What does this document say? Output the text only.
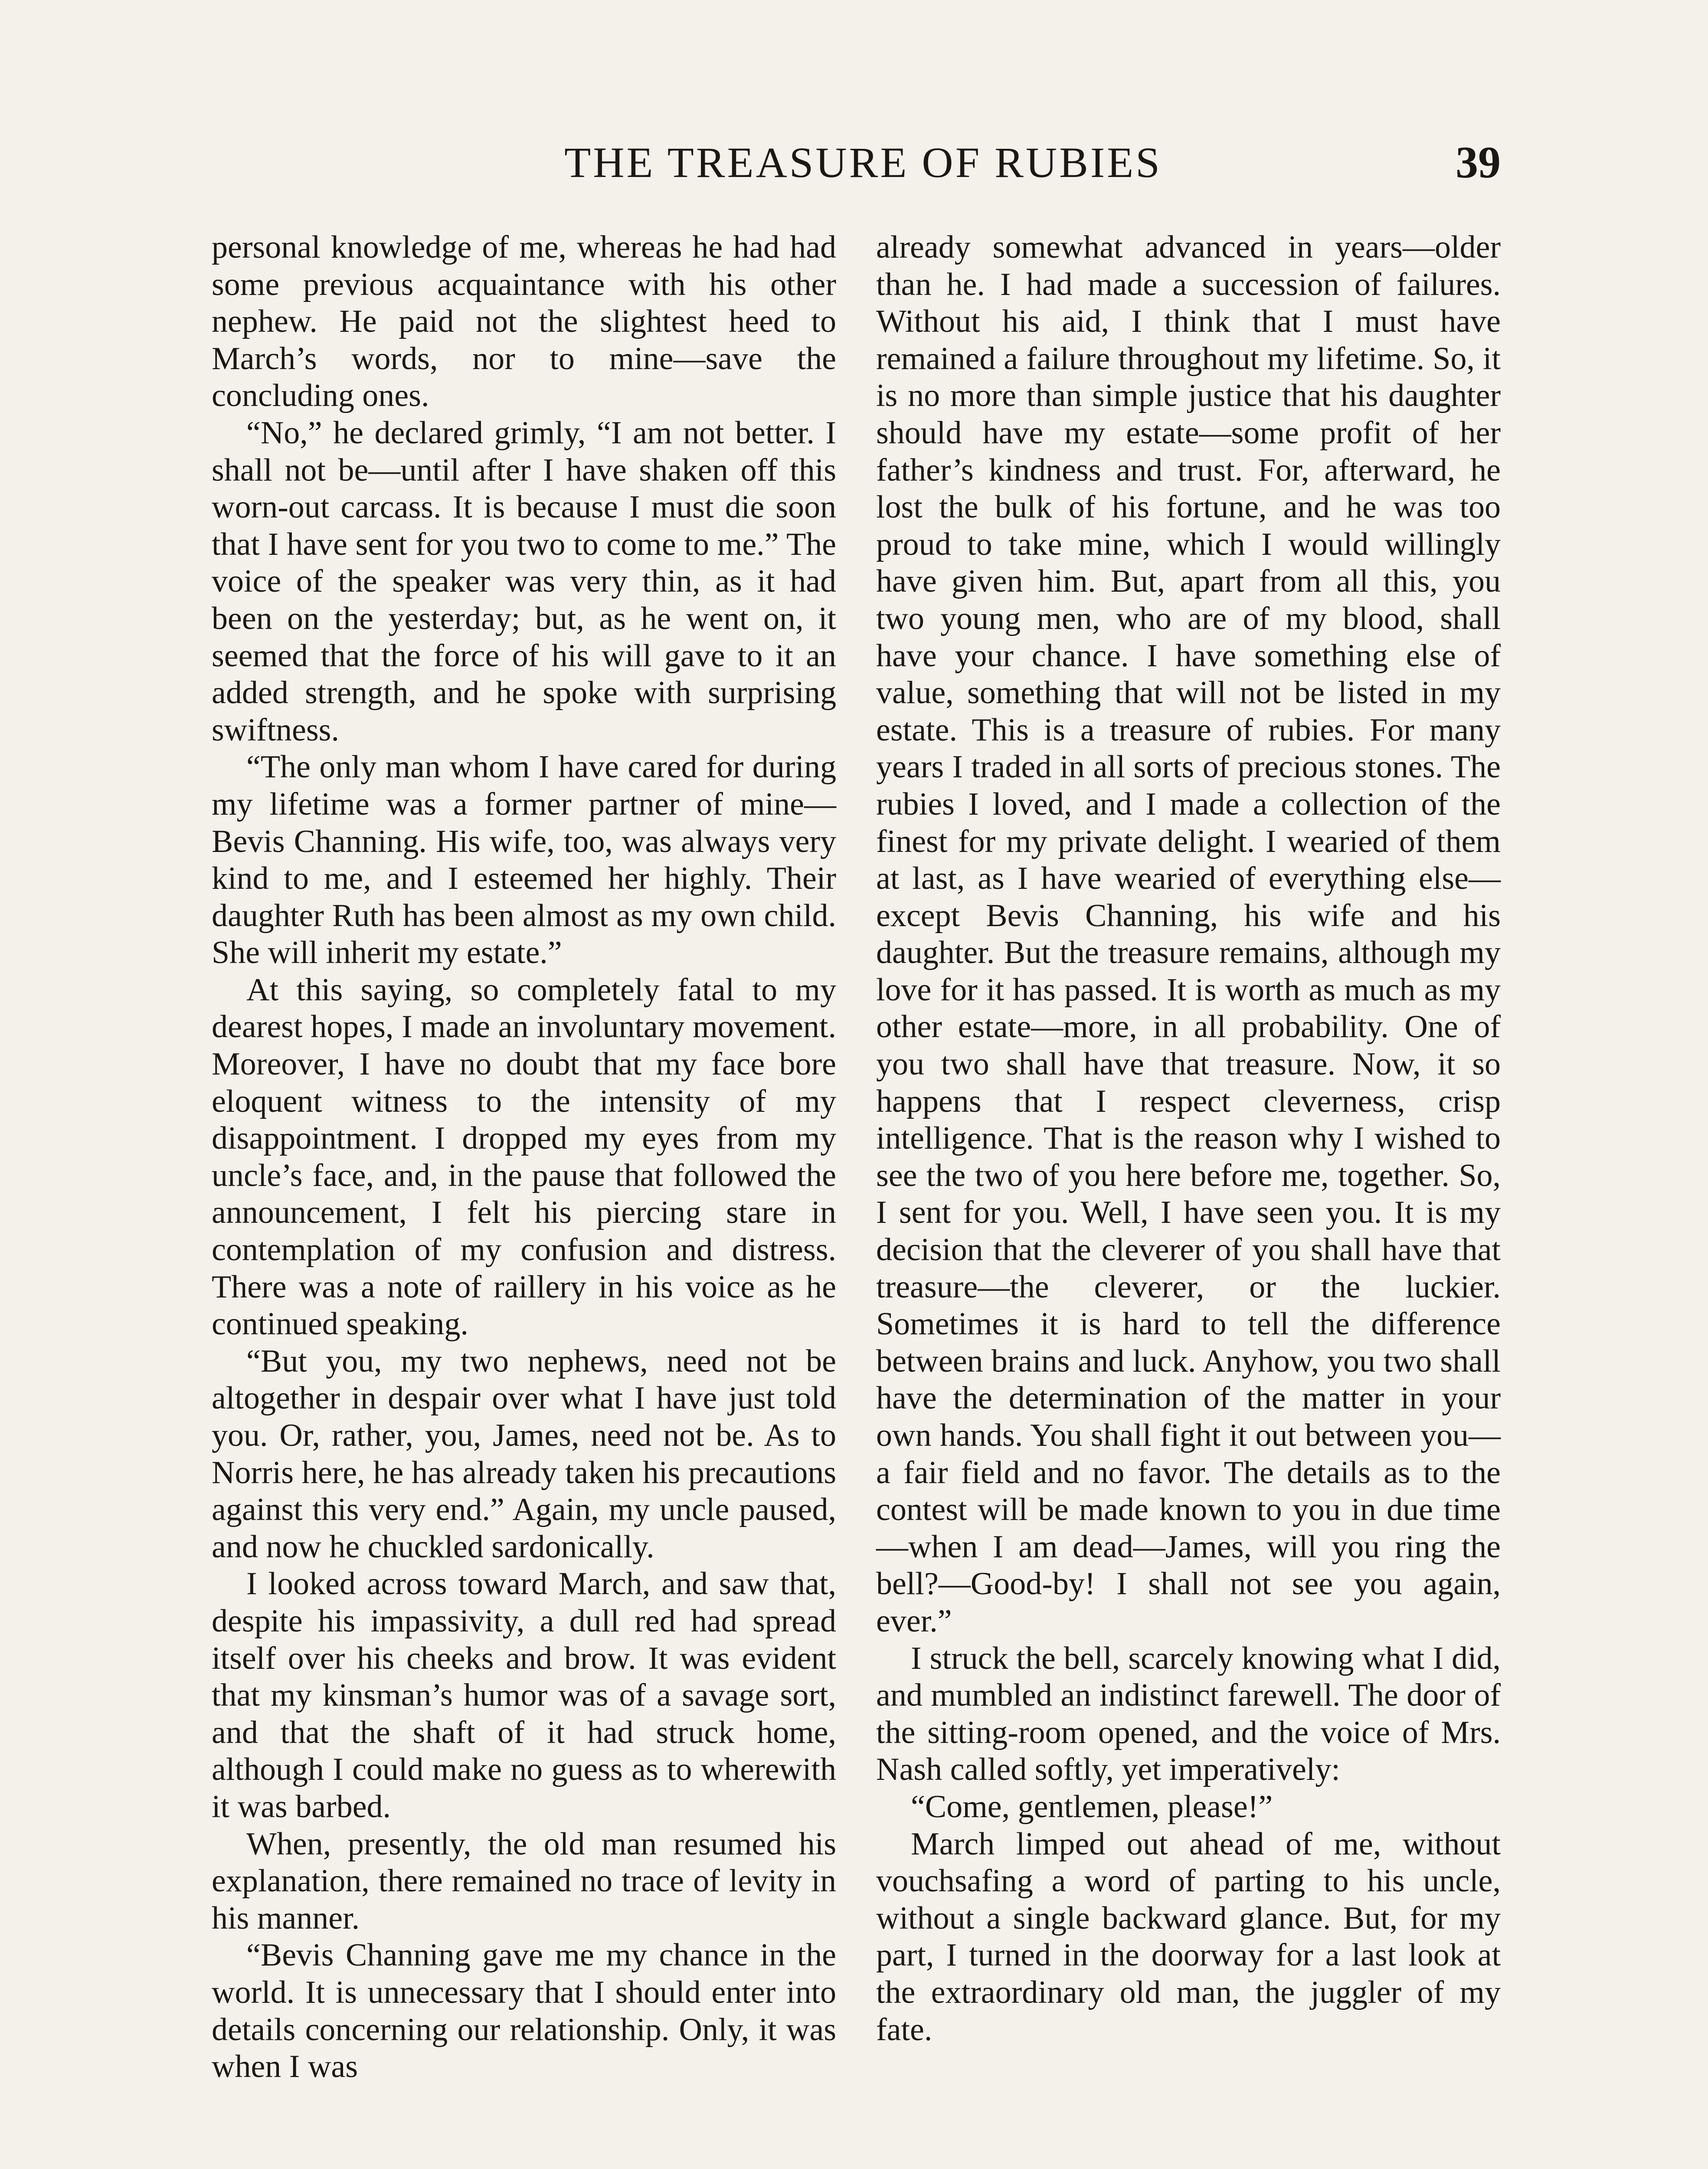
THE TREASURE OF RUBIES	39

personal knowledge of me, whereas he had had some previous acquaintance with his other nephew. He paid not the slightest heed to March’s words, nor to mine—save the concluding ones.

“No,” he declared grimly, “I am not better. I shall not be—until after I have shaken off this worn-out carcass. It is because I must die soon that I have sent for you two to come to me.” The voice of the speaker was very thin, as it had been on the yesterday; but, as he went on, it seemed that the force of his will gave to it an added strength, and he spoke with surprising swiftness.

“The only man whom I have cared for during my lifetime was a former partner of mine—Bevis Channing. His wife, too, was always very kind to me, and I esteemed her highly. Their daughter Ruth has been almost as my own child. She will inherit my estate.”

At this saying, so completely fatal to my dearest hopes, I made an involuntary movement. Moreover, I have no doubt that my face bore eloquent witness to the intensity of my disappointment. I dropped my eyes from my uncle’s face, and, in the pause that followed the announcement, I felt his piercing stare in contemplation of my confusion and distress. There was a note of raillery in his voice as he continued speaking.

“But you, my two nephews, need not be altogether in despair over what I have just told you. Or, rather, you, James, need not be. As to Norris here, he has already taken his precautions against this very end.” Again, my uncle paused, and now he chuckled sardonically.

I looked across toward March, and saw that, despite his impassivity, a dull red had spread itself over his cheeks and brow. It was evident that my kinsman’s humor was of a savage sort, and that the shaft of it had struck home, although I could make no guess as to wherewith it was barbed.

When, presently, the old man resumed his explanation, there remained no trace of levity in his manner.

“Bevis Channing gave me my chance in the world. It is unnecessary that I should enter into details concerning our relationship. Only, it was when I was

already somewhat advanced in years—older than he. I had made a succession of failures. Without his aid, I think that I must have remained a failure throughout my lifetime. So, it is no more than simple justice that his daughter should have my estate—some profit of her father’s kindness and trust. For, afterward, he lost the bulk of his fortune, and he was too proud to take mine, which I would willingly have given him. But, apart from all this, you two young men, who are of my blood, shall have your chance. I have something else of value, something that will not be listed in my estate. This is a treasure of rubies. For many years I traded in all sorts of precious stones. The rubies I loved, and I made a collection of the finest for my private delight. I wearied of them at last, as I have wearied of everything else—except Bevis Channing, his wife and his daughter. But the treasure remains, although my love for it has passed. It is worth as much as my other estate—more, in all probability. One of you two shall have that treasure. Now, it so happens that I respect cleverness, crisp intelligence. That is the reason why I wished to see the two of you here before me, together. So, I sent for you. Well, I have seen you. It is my decision that the cleverer of you shall have that treasure—the cleverer, or the luckier. Sometimes it is hard to tell the difference between brains and luck. Anyhow, you two shall have the determination of the matter in your own hands. You shall fight it out between you—a fair field and no favor. The details as to the contest will be made known to you in due time—when I am dead—James, will you ring the bell?—Good-by! I shall not see you again, ever.”

I struck the bell, scarcely knowing what I did, and mumbled an indistinct farewell. The door of the sitting-room opened, and the voice of Mrs. Nash called softly, yet imperatively:

“Come, gentlemen, please!”

March limped out ahead of me, without vouchsafing a word of parting to his uncle, without a single backward glance. But, for my part, I turned in the doorway for a last look at the extraordinary old man, the juggler of my fate.
